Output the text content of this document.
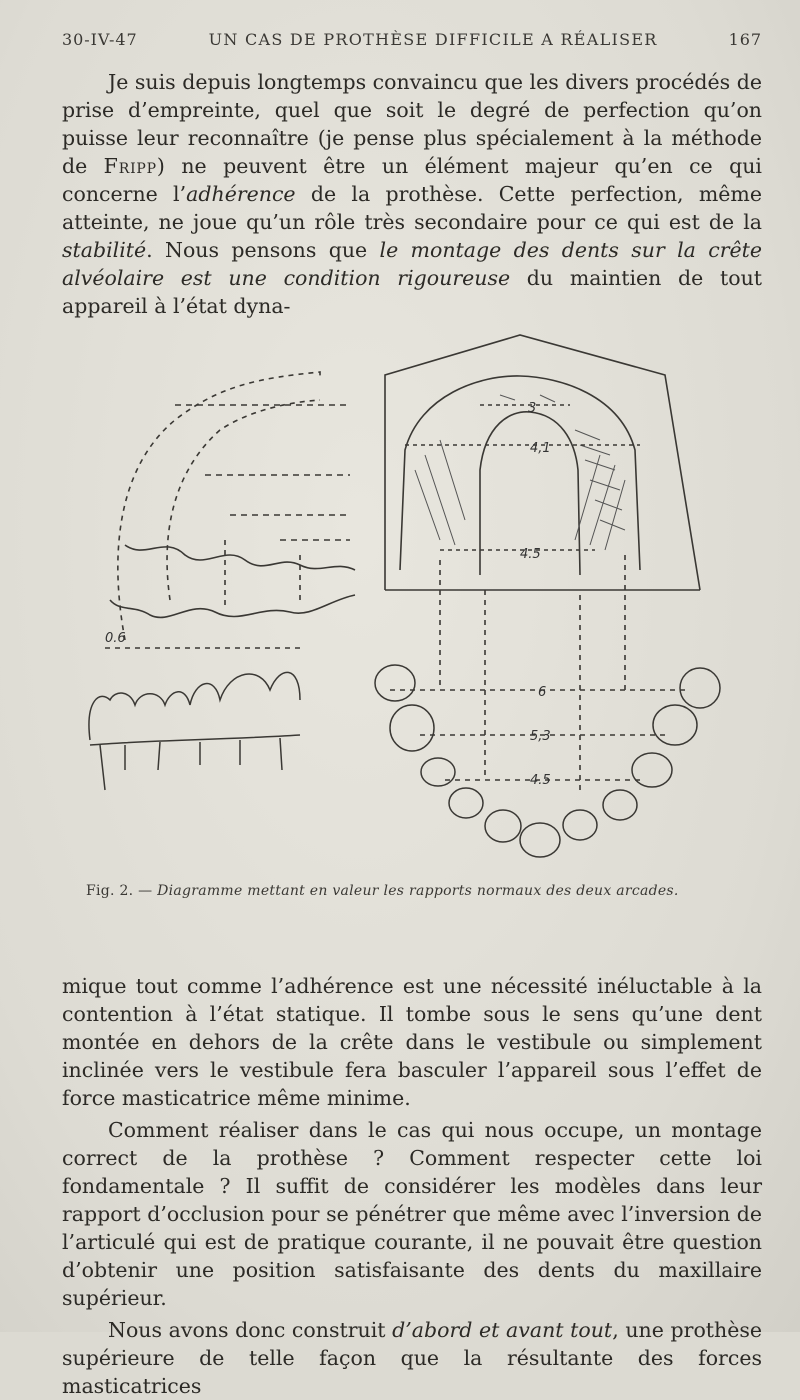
30-IV-47	UN CAS DE PROTHÈSE DIFFICILE A RÉALISER	167

Je suis depuis longtemps convaincu que les divers procédés de prise d’empreinte, quel que soit le degré de perfection qu’on puisse leur reconnaître (je pense plus spécialement à la méthode de Fripp) ne peuvent être un élément majeur qu’en ce qui concerne l’adhérence de la prothèse. Cette perfection, même atteinte, ne joue qu’un rôle très secondaire pour ce qui est de la stabilité. Nous pensons que le montage des dents sur la crête alvéolaire est une condition rigoureuse du maintien de tout appareil à l’état dyna-

3
4,1
4.5
0.6
6
5,3
4.5
Fig. 2. — Diagramme mettant en valeur les rapports normaux des deux arcades.

mique tout comme l’adhérence est une nécessité inéluctable à la contention à l’état statique. Il tombe sous le sens qu’une dent montée en dehors de la crête dans le vestibule ou simplement inclinée vers le vestibule fera basculer l’appareil sous l’effet de force masticatrice même minime.

Comment réaliser dans le cas qui nous occupe, un montage correct de la prothèse ? Comment respecter cette loi fondamentale ? Il suffit de considérer les modèles dans leur rapport d’occlusion pour se pénétrer que même avec l’inversion de l’articulé qui est de pratique courante, il ne pouvait être question d’obtenir une position satisfaisante des dents du maxillaire supérieur.

Nous avons donc construit d’abord et avant tout, une prothèse supérieure de telle façon que la résultante des forces masticatrices
